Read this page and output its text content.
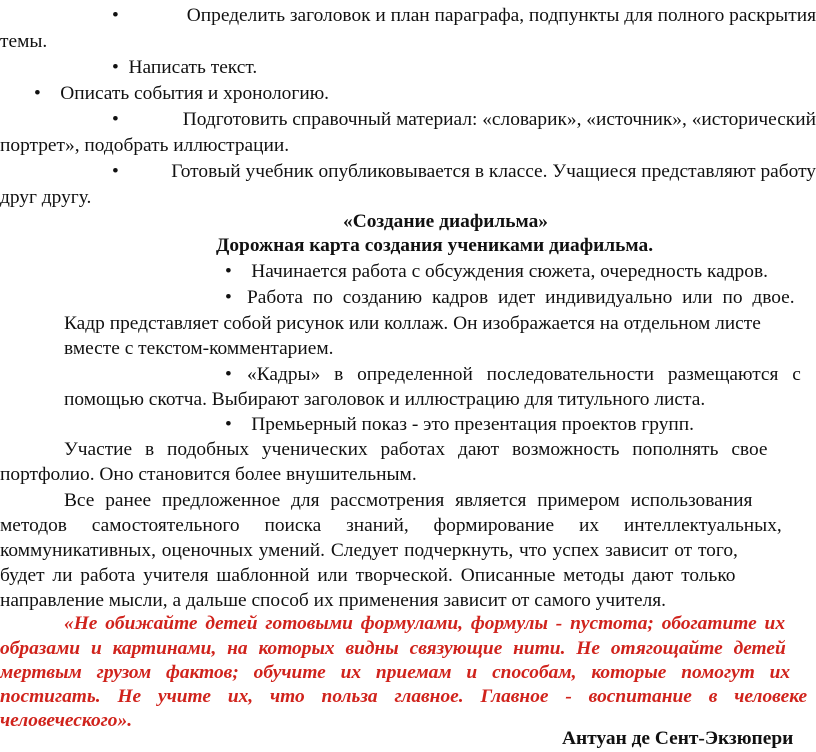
•	Определить заголовок и план параграфа, подпункты для полного раскрытия
темы.
• Написать текст.
• Описать события и хронологию.
•	Подготовить справочный материал: «словарик», «источник», «исторический
портрет», подобрать иллюстрации.
•	Готовый учебник опубликовывается в классе. Учащиеся представляют работу
друг другу.
«Создание диафильма»
Дорожная карта создания учениками диафильма.
• Начинается работа с обсуждения сюжета, очередность кадров.
• Работа по созданию кадров идет индивидуально или по двое.
Кадр представляет собой рисунок или коллаж. Он изображается на отдельном листе
вместе с текстом-комментарием.
• «Кадры» в определенной последовательности размещаются с
помощью скотча. Выбирают заголовок и иллюстрацию для титульного листа.
• Премьерный показ - это презентация проектов групп.
Участие в подобных ученических работах дают возможность пополнять свое
портфолио. Оно становится более внушительным.
Все ранее предложенное для рассмотрения является примером использования
методов самостоятельного поиска знаний, формирование их интеллектуальных,
коммуникативных, оценочных умений. Следует подчеркнуть, что успех зависит от того,
будет ли работа учителя шаблонной или творческой. Описанные методы дают только
направление мысли, а дальше способ их применения зависит от самого учителя.
«Не обижайте детей готовыми формулами, формулы - пустота; обогатите их
образами и картинами, на которых видны связующие нити. Не отягощайте детей
мертвым грузом фактов; обучите их приемам и способам, которые помогут их
постигать. Не учите их, что польза главное. Главное - воспитание в человеке
человеческого».
Антуан де Сент-Экзюпери
